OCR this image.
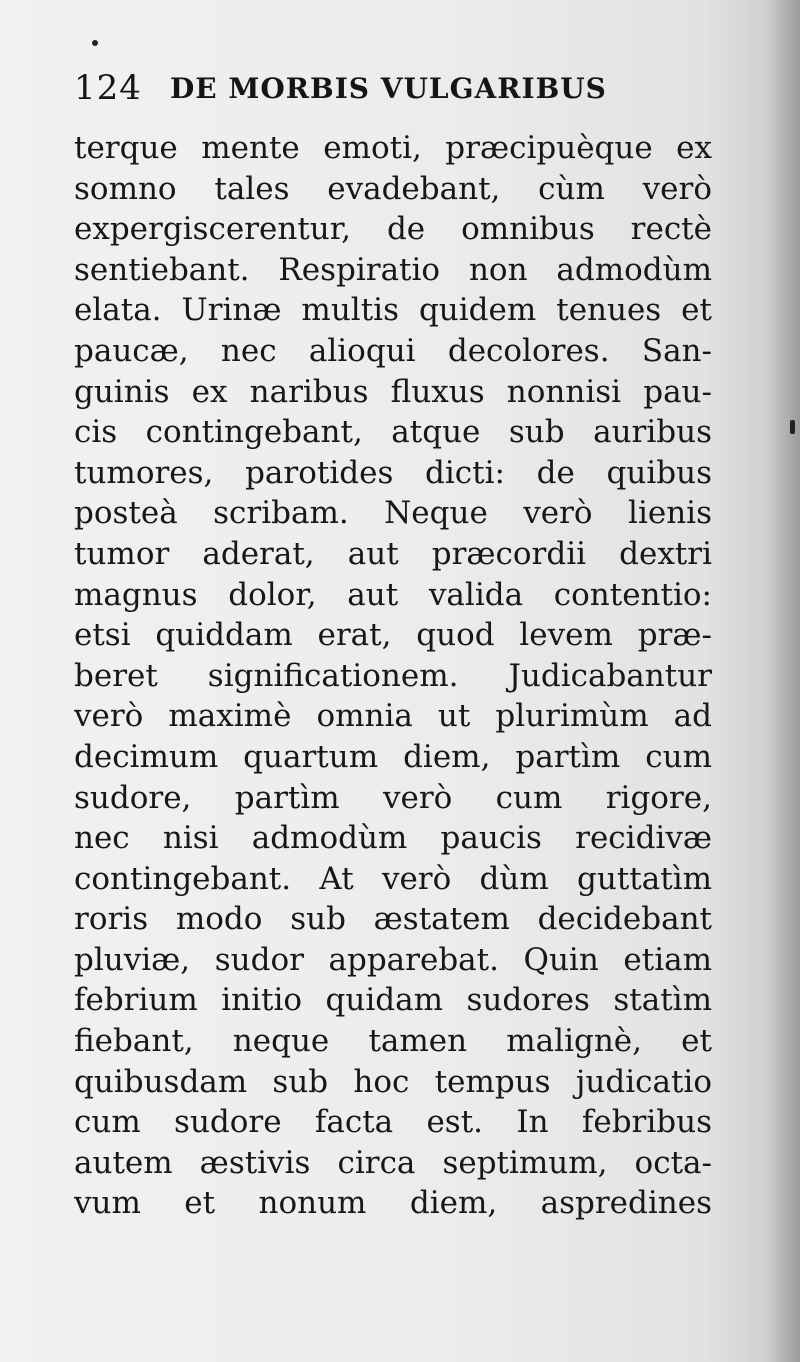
124 DE MORBIS VULGARIBUS
terque mente emoti, præcipuèque ex
somno tales evadebant, cùm verò
expergiscerentur, de omnibus rectè
sentiebant. Respiratio non admodùm
elata. Urinæ multis quidem tenues et
paucæ, nec alioqui decolores. San-
guinis ex naribus fluxus nonnisi pau-
cis contingebant, atque sub auribus
tumores, parotides dicti: de quibus
posteà scribam. Neque verò lienis
tumor aderat, aut præcordii dextri
magnus dolor, aut valida contentio:
etsi quiddam erat, quod levem præ-
beret significationem. Judicabantur
verò maximè omnia ut plurimùm ad
decimum quartum diem, partìm cum
sudore, partìm verò cum rigore,
nec nisi admodùm paucis recidivæ
contingebant. At verò dùm guttatìm
roris modo sub æstatem decidebant
pluviæ, sudor apparebat. Quin etiam
febrium initio quidam sudores statìm
fiebant, neque tamen malignè, et
quibusdam sub hoc tempus judicatio
cum sudore facta est. In febribus
autem æstivis circa septimum, octa-
vum et nonum diem, aspredines
